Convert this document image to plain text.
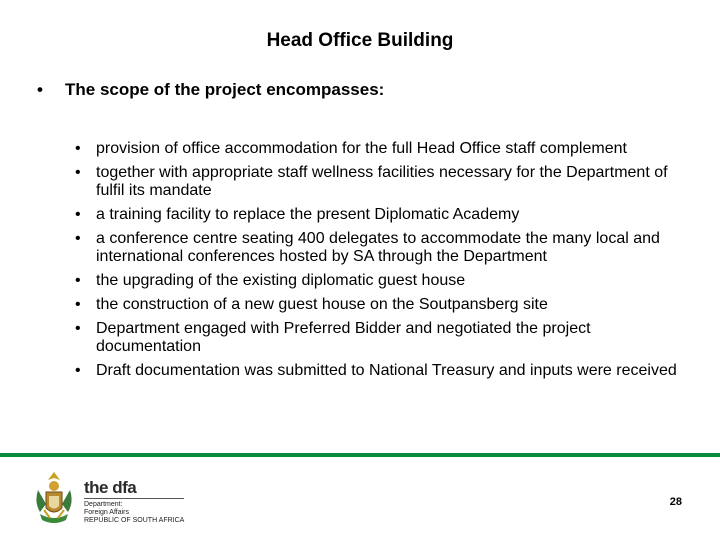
Head Office Building
• The scope of the project encompasses:
• provision of office accommodation for the full Head Office staff complement
• together with appropriate staff wellness facilities necessary for the Department of fulfil its mandate
• a training facility to replace the present Diplomatic Academy
• a conference centre seating 400 delegates to accommodate the many local and international conferences hosted by SA through the Department
• the upgrading of the existing diplomatic guest house
• the construction of a new guest house on the Soutpansberg site
• Department engaged with Preferred Bidder and negotiated the project documentation
• Draft documentation was submitted to National Treasury and inputs were received
the dfa
Department:
Foreign Affairs
REPUBLIC OF SOUTH AFRICA
28
